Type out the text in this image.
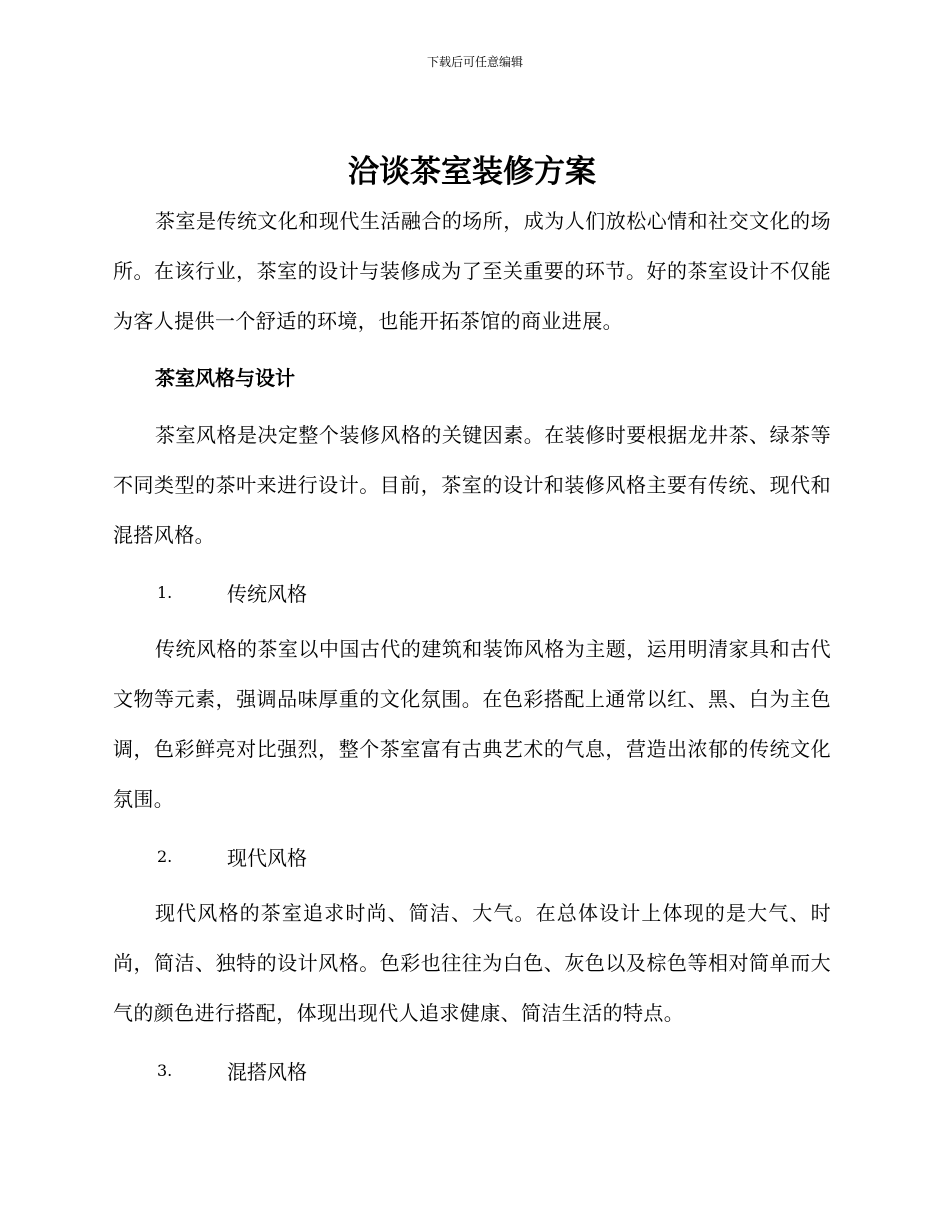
下载后可任意编辑
洽谈茶室装修方案

茶室是传统文化和现代生活融合的场所，成为人们放松心情和社交文化的场所。在该行业，茶室的设计与装修成为了至关重要的环节。好的茶室设计不仅能为客人提供一个舒适的环境，也能开拓茶馆的商业进展。

茶室风格与设计

茶室风格是决定整个装修风格的关键因素。在装修时要根据龙井茶、绿茶等不同类型的茶叶来进行设计。目前，茶室的设计和装修风格主要有传统、现代和混搭风格。

1.	传统风格

传统风格的茶室以中国古代的建筑和装饰风格为主题，运用明清家具和古代文物等元素，强调品味厚重的文化氛围。在色彩搭配上通常以红、黑、白为主色调，色彩鲜亮对比强烈，整个茶室富有古典艺术的气息，营造出浓郁的传统文化氛围。

2.	现代风格

现代风格的茶室追求时尚、简洁、大气。在总体设计上体现的是大气、时尚，简洁、独特的设计风格。色彩也往往为白色、灰色以及棕色等相对简单而大气的颜色进行搭配，体现出现代人追求健康、简洁生活的特点。

3.	混搭风格
